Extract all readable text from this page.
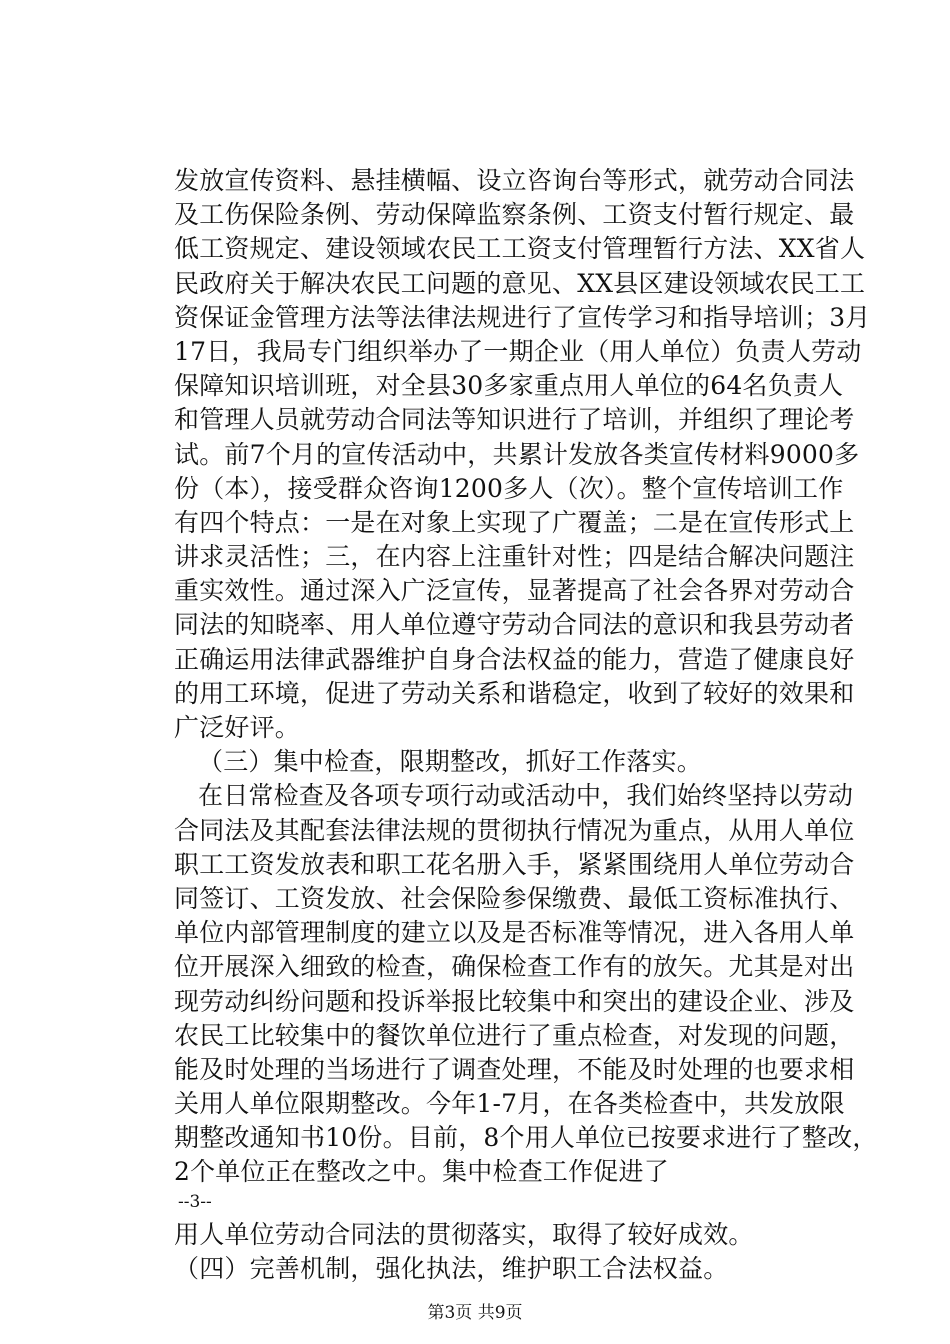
发放宣传资料、悬挂横幅、设立咨询台等形式，就劳动合同法
及工伤保险条例、劳动保障监察条例、工资支付暂行规定、最
低工资规定、建设领域农民工工资支付管理暂行方法、XX省人
民政府关于解决农民工问题的意见、XX县区建设领域农民工工
资保证金管理方法等法律法规进行了宣传学习和指导培训；3月
17日，我局专门组织举办了一期企业（用人单位）负责人劳动
保障知识培训班，对全县30多家重点用人单位的64名负责人
和管理人员就劳动合同法等知识进行了培训，并组织了理论考
试。前7个月的宣传活动中，共累计发放各类宣传材料9000多
份（本），接受群众咨询1200多人（次）。整个宣传培训工作
有四个特点：一是在对象上实现了广覆盖；二是在宣传形式上
讲求灵活性；三，在内容上注重针对性；四是结合解决问题注
重实效性。通过深入广泛宣传，显著提高了社会各界对劳动合
同法的知晓率、用人单位遵守劳动合同法的意识和我县劳动者
正确运用法律武器维护自身合法权益的能力，营造了健康良好
的用工环境，促进了劳动关系和谐稳定，收到了较好的效果和
广泛好评。
（三）集中检查，限期整改，抓好工作落实。
在日常检查及各项专项行动或活动中，我们始终坚持以劳动
合同法及其配套法律法规的贯彻执行情况为重点，从用人单位
职工工资发放表和职工花名册入手，紧紧围绕用人单位劳动合
同签订、工资发放、社会保险参保缴费、最低工资标准执行、
单位内部管理制度的建立以及是否标准等情况，进入各用人单
位开展深入细致的检查，确保检查工作有的放矢。尤其是对出
现劳动纠纷问题和投诉举报比较集中和突出的建设企业、涉及
农民工比较集中的餐饮单位进行了重点检查，对发现的问题，
能及时处理的当场进行了调查处理，不能及时处理的也要求相
关用人单位限期整改。今年1-7月，在各类检查中，共发放限
期整改通知书10份。目前，8个用人单位已按要求进行了整改，
2个单位正在整改之中。集中检查工作促进了
--3--
用人单位劳动合同法的贯彻落实，取得了较好成效。
（四）完善机制，强化执法，维护职工合法权益。
第3页 共9页
